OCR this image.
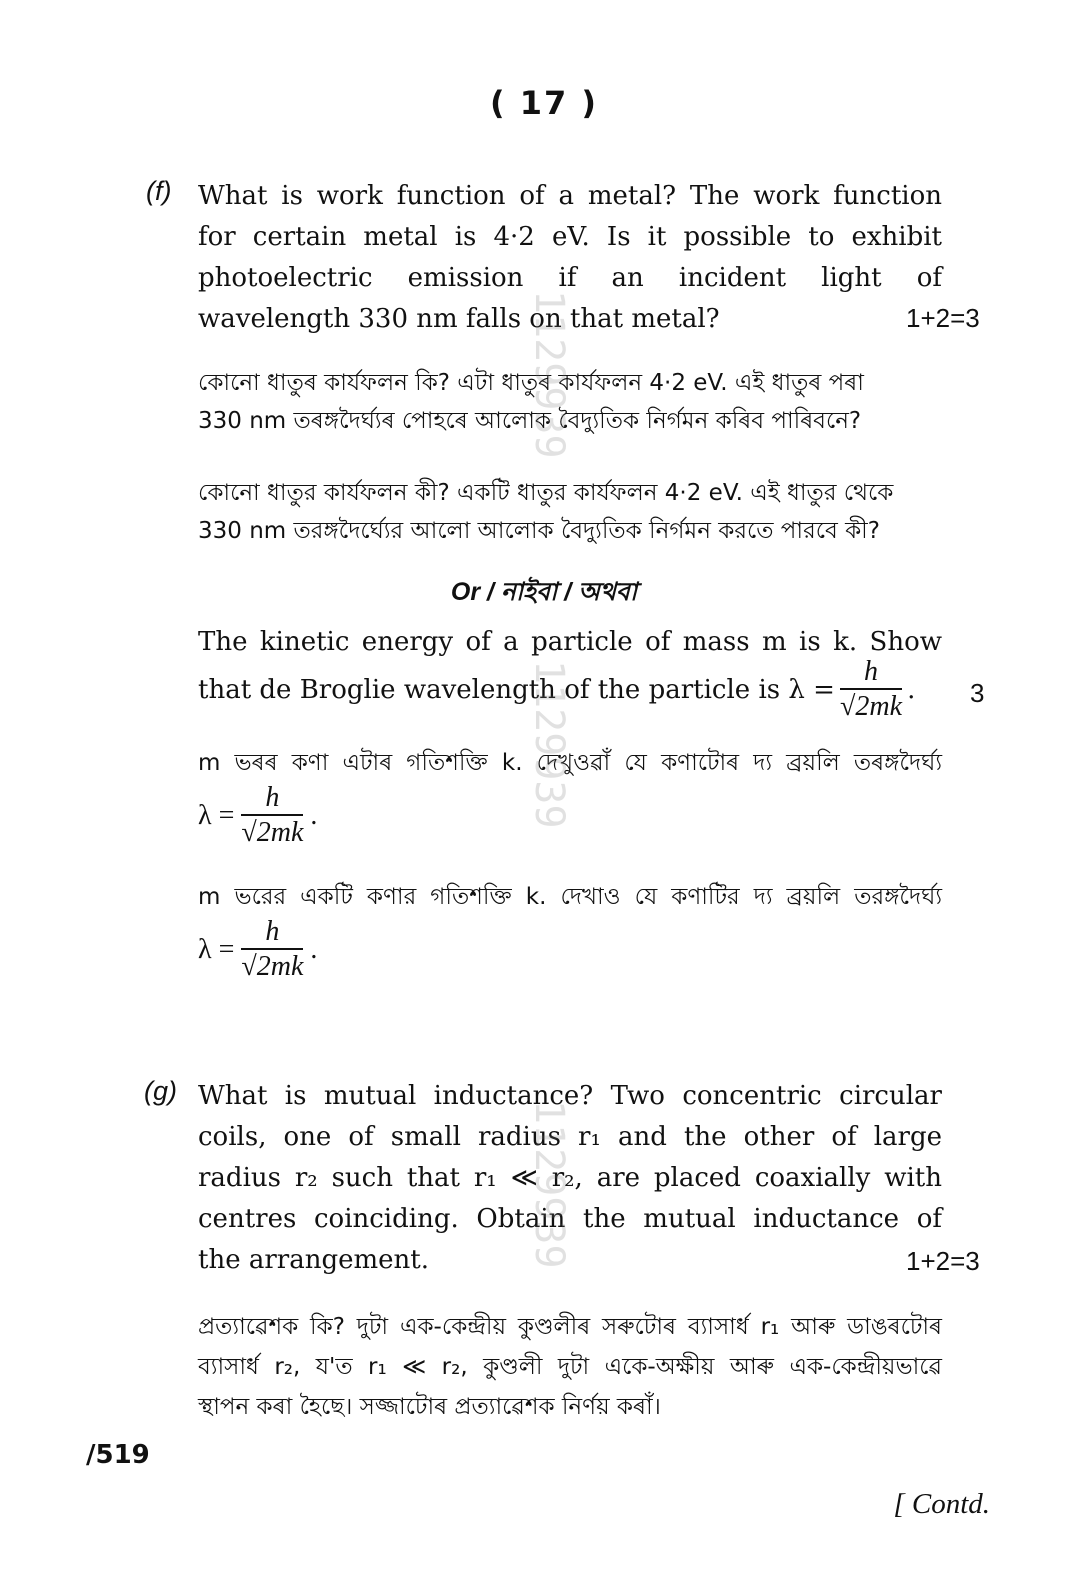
( 17 )
(f) What is work function of a metal? The work function
for certain metal is 4·2 eV. Is it possible to exhibit
photoelectric emission if an incident light of
wavelength 330 nm falls on that metal?	1+2=3
কোনো ধাতুৰ কাৰ্যফলন কি? এটা ধাতুৰ কাৰ্যফলন 4·2 eV. এই ধাতুৰ পৰা
330 nm তৰঙ্গদৈৰ্ঘ্যৰ পোহৰে আলোক বৈদ্যুতিক নিৰ্গমন কৰিব পাৰিবনে?
কোনো ধাতুর কার্যফলন কী? একটি ধাতুর কার্যফলন 4·2 eV. এই ধাতুর থেকে
330 nm তরঙ্গদৈর্ঘ্যের আলো আলোক বৈদ্যুতিক নির্গমন করতে পারবে কী?
Or / নাইবা / অথবা
The kinetic energy of a particle of mass m is k. Show
that de Broglie wavelength of the particle is $\lambda = \frac{h}{√2mk}$ . 3
m ভৰৰ কণা এটাৰ গতিশক্তি k. দেখুওৱাঁ যে কণাটোৰ দ্য ব্ৰয়লি তৰঙ্গদৈৰ্ঘ্য
$\lambda = \frac{h}{√2mk}$ .
m ভরের একটি কণার গতিশক্তি k. দেখাও যে কণাটির দ্য ব্রয়লি তরঙ্গদৈর্ঘ্য
$\lambda = \frac{h}{√2mk}$ .
(g) What is mutual inductance? Two concentric circular
coils, one of small radius r₁ and the other of large
radius r₂ such that r₁ ≪ r₂, are placed coaxially with
centres coinciding. Obtain the mutual inductance of
the arrangement.	1+2=3
প্ৰত্যাৱেশক কি? দুটা এক-কেন্দ্ৰীয় কুণ্ডলীৰ সৰুটোৰ ব্যাসাৰ্ধ r₁ আৰু ডাঙৰটোৰ
ব্যাসাৰ্ধ r₂, য'ত r₁ ≪ r₂, কুণ্ডলী দুটা একে-অক্ষীয় আৰু এক-কেন্দ্ৰীয়ভাৱে
স্থাপন কৰা হৈছে। সজ্জাটোৰ প্ৰত্যাৱেশক নিৰ্ণয় কৰাঁ।
1129939
1129939
1129939
/519
[ Contd.
